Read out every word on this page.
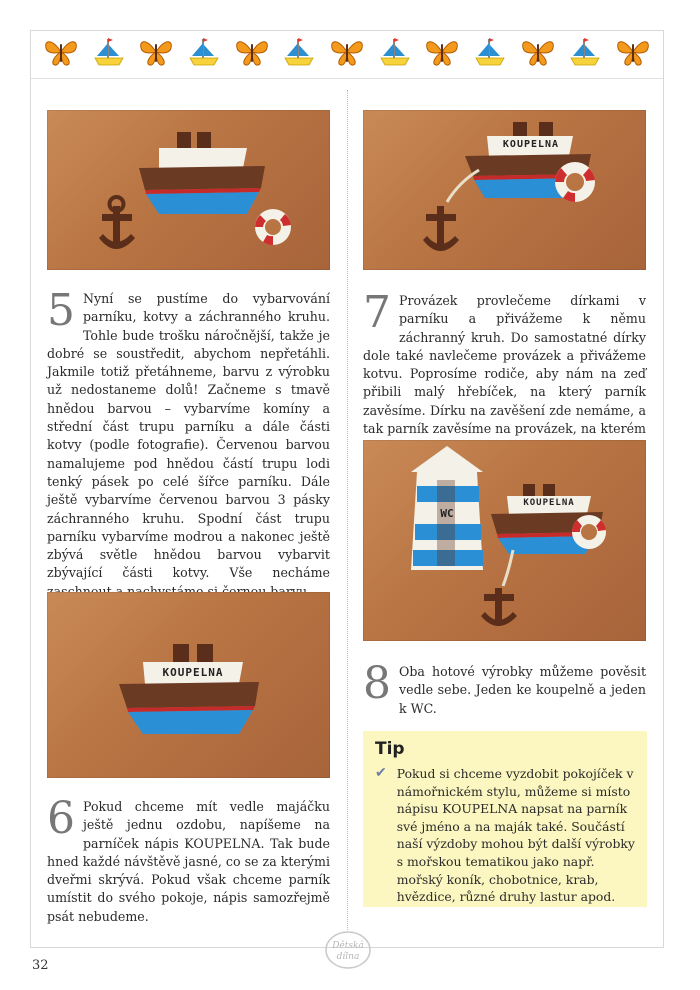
5 Nyní se pustíme do vybarvování parníku, kotvy a záchranného kruhu. Tohle bude trošku náročnější, takže je dobré se soustředit, abychom nepřetáhli. Jakmile totiž přetáhneme, barvu z výrobku už nedostaneme dolů! Začneme s tmavě hnědou barvou – vybarvíme komíny a střední část trupu parníku a dále části kotvy (podle fotografie). Červenou barvou namalujeme pod hnědou částí trupu lodi tenký pásek po celé šířce parníku. Dále ještě vybarvíme červenou barvou 3 pásky záchranného kruhu. Spodní část trupu parníku vybarvíme modrou a nakonec ještě zbývá světle hnědou barvou vybarvit zbývající části kotvy. Vše necháme
KOUPELNA
6 Pokud chceme mít vedle majáčku ještě jednu ozdobu, napíšeme na parníček nápis KOUPELNA. Tak bude hned každé návštěvě jasné, co se za kterými dveřmi skrývá. Pokud však chceme parník umístit do svého pokoje, nápis samozřejmě psát nebudeme.
KOUPELNA
7 Provázek provlečeme dírkami v parníku a přivážeme k němu záchranný kruh. Do samostatné dírky dole také navlečeme provázek a přivážeme kotvu. Poprosíme rodiče, aby nám na zeď přibili malý hřebíček, na který parník zavěsíme. Dírku na zavěšení zde nemáme, a tak parník zavěsíme na provázek, na kterém
WC
KOUPELNA
8 Oba hotové výrobky můžeme pověsit vedle sebe. Jeden ke koupelně a jeden k WC.
Tip
✔ Pokud si chceme vyzdobit pokojíček v námořnickém stylu, můžeme si místo nápisu KOUPELNA napsat na parník své jméno a na maják také. Součástí naší výzdoby mohou být další výrobky s mořskou tematikou jako např. mořský koník, chobotnice, krab, hvězdice, různé druhy lastur apod.
32
Dětská
dílna
